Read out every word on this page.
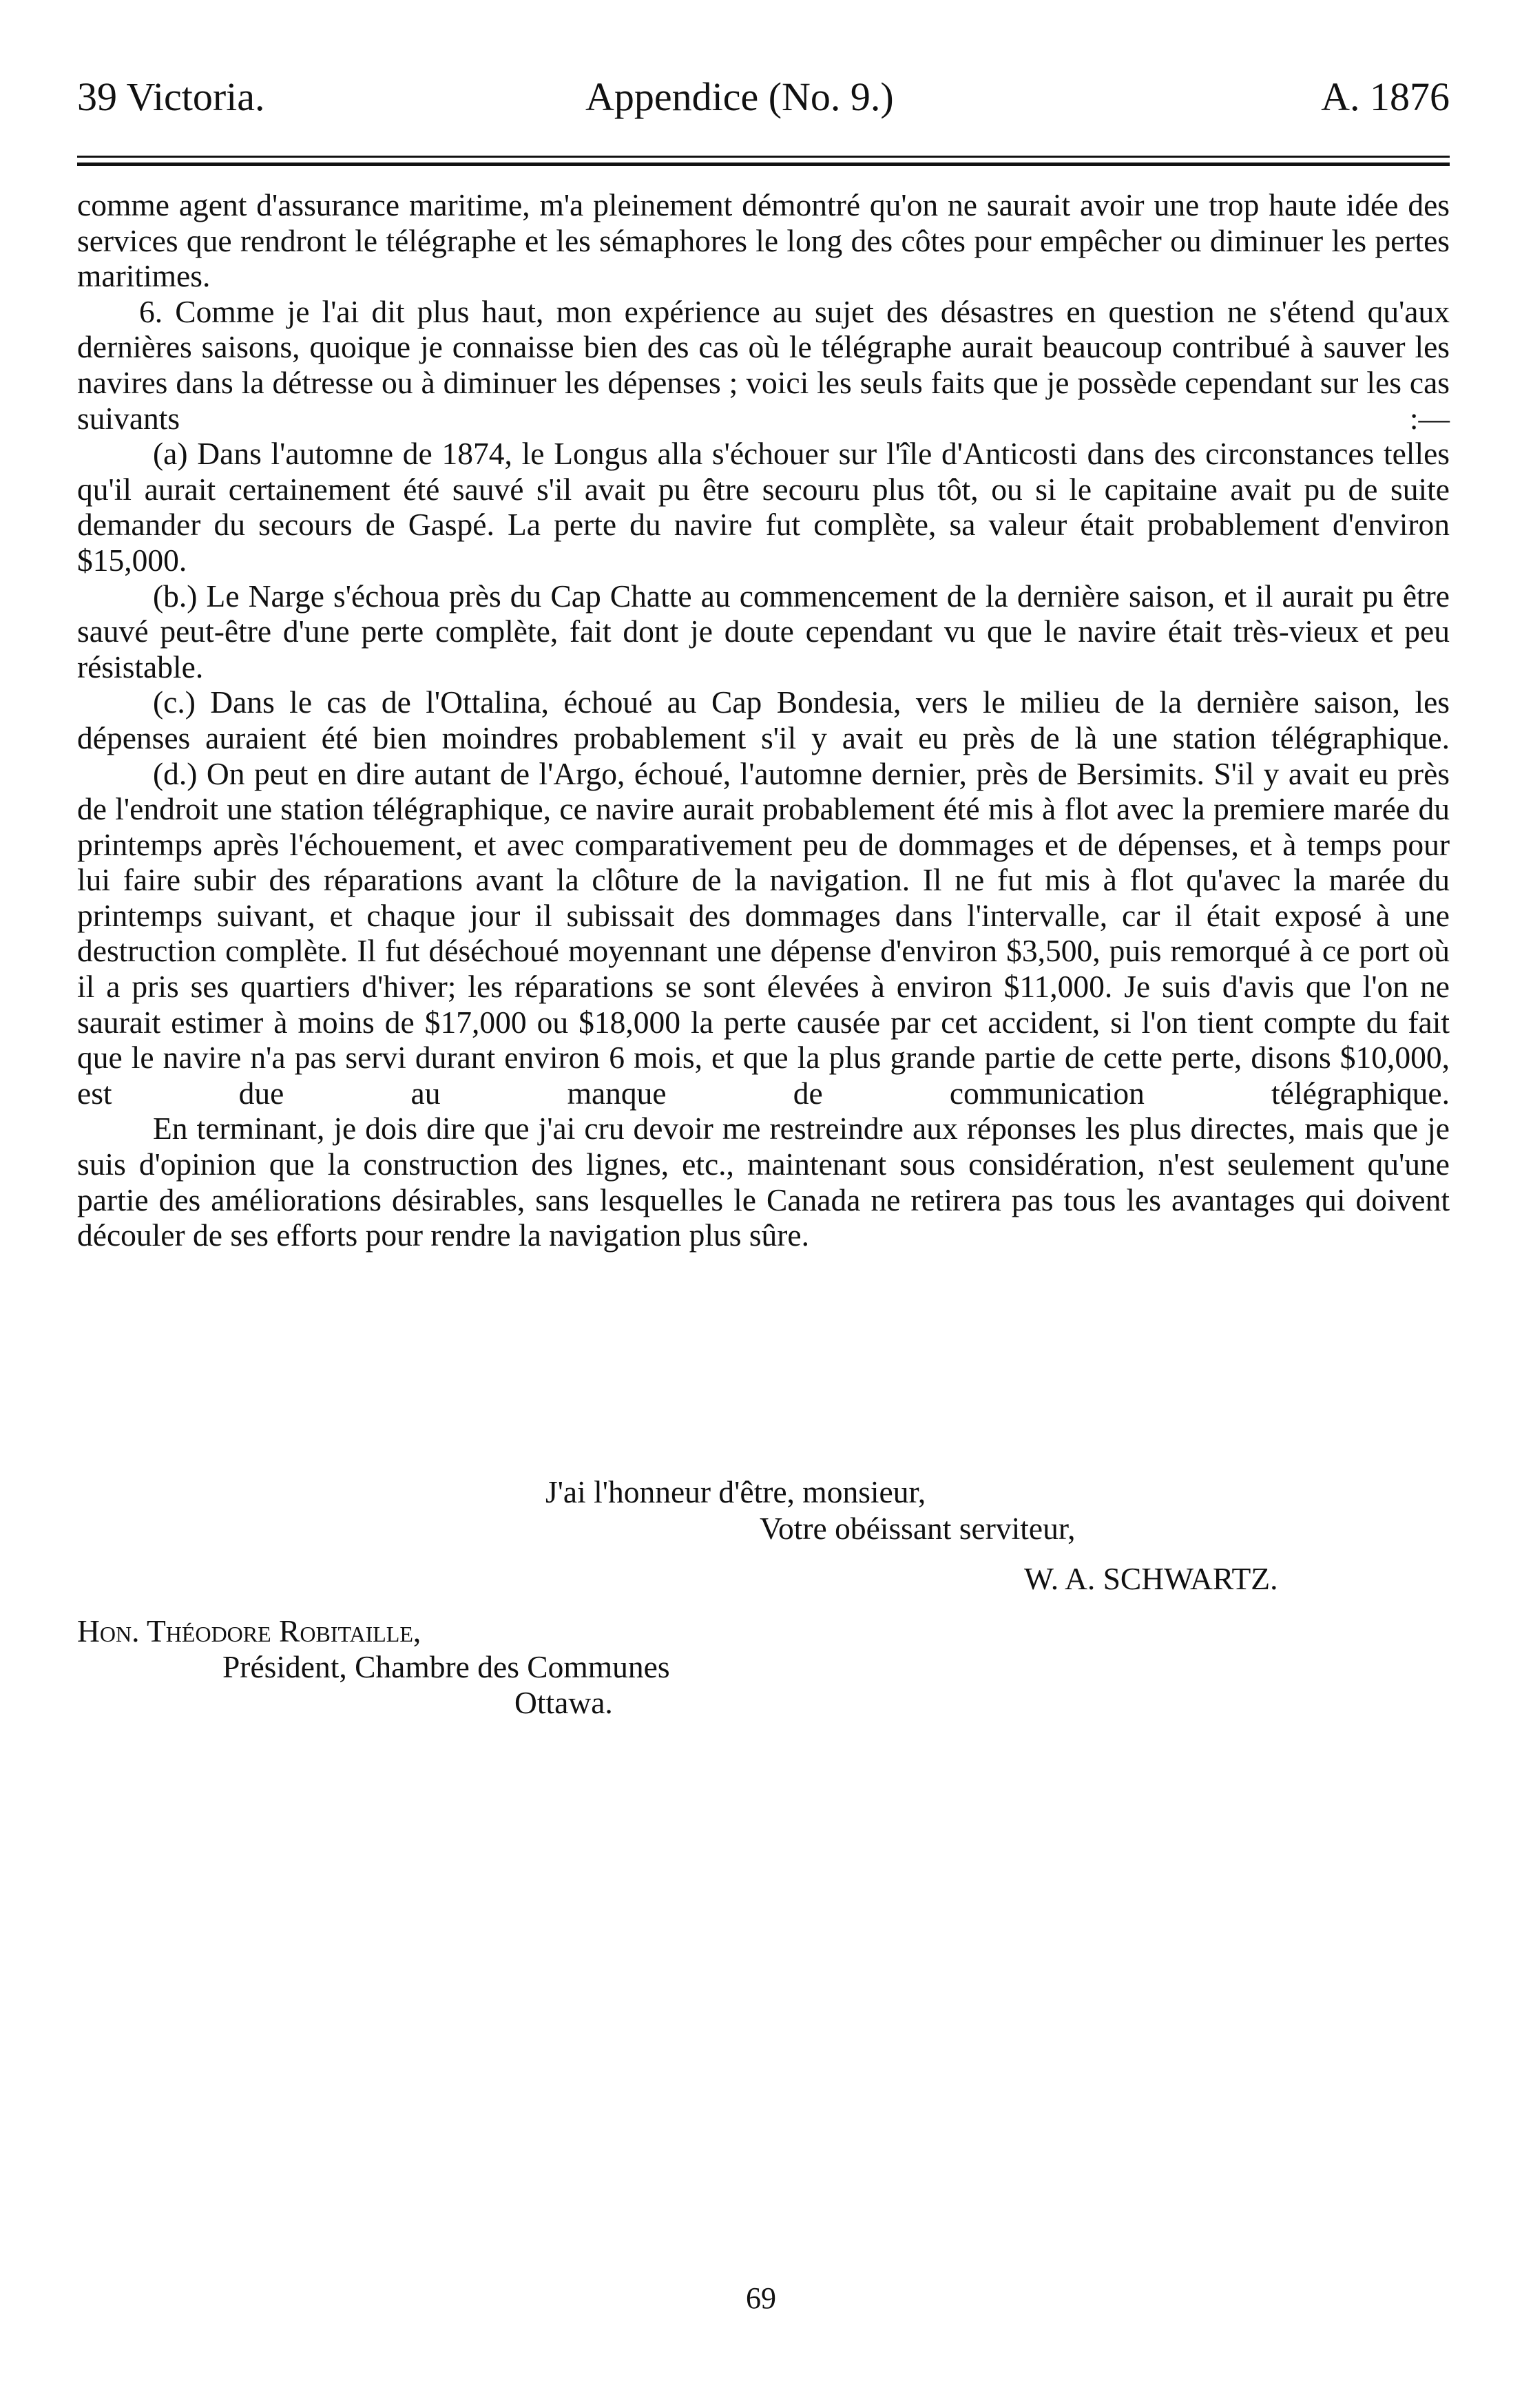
39 Victoria.	Appendice (No. 9.)	A. 1876

comme agent d'assurance maritime, m'a pleinement démontré qu'on ne saurait avoir une trop haute idée des services que rendront le télégraphe et les sémaphores le long des côtes pour empêcher ou diminuer les pertes maritimes.

6. Comme je l'ai dit plus haut, mon expérience au sujet des désastres en question ne s'étend qu'aux dernières saisons, quoique je connaisse bien des cas où le télégraphe aurait beaucoup contribué à sauver les navires dans la détresse ou à diminuer les dépenses ; voici les seuls faits que je possède cependant sur les cas suivants :—

(a) Dans l'automne de 1874, le Longus alla s'échouer sur l'île d'Anticosti dans des circonstances telles qu'il aurait certainement été sauvé s'il avait pu être secouru plus tôt, ou si le capitaine avait pu de suite demander du secours de Gaspé. La perte du navire fut complète, sa valeur était probablement d'environ $15,000.

(b.) Le Narge s'échoua près du Cap Chatte au commencement de la dernière saison, et il aurait pu être sauvé peut-être d'une perte complète, fait dont je doute cependant vu que le navire était très-vieux et peu résistable.

(c.) Dans le cas de l'Ottalina, échoué au Cap Bondesia, vers le milieu de la dernière saison, les dépenses auraient été bien moindres probablement s'il y avait eu près de là une station télégraphique.

(d.) On peut en dire autant de l'Argo, échoué, l'automne dernier, près de Bersimits. S'il y avait eu près de l'endroit une station télégraphique, ce navire aurait probablement été mis à flot avec la premiere marée du printemps après l'échouement, et avec comparativement peu de dommages et de dépenses, et à temps pour lui faire subir des réparations avant la clôture de la navigation. Il ne fut mis à flot qu'avec la marée du printemps suivant, et chaque jour il subissait des dommages dans l'intervalle, car il était exposé à une destruction complète. Il fut déséchoué moyennant une dépense d'environ $3,500, puis remorqué à ce port où il a pris ses quartiers d'hiver; les réparations se sont élevées à environ $11,000. Je suis d'avis que l'on ne saurait estimer à moins de $17,000 ou $18,000 la perte causée par cet accident, si l'on tient compte du fait que le navire n'a pas servi durant environ 6 mois, et que la plus grande partie de cette perte, disons $10,000, est due au manque de communication télégraphique.

En terminant, je dois dire que j'ai cru devoir me restreindre aux réponses les plus directes, mais que je suis d'opinion que la construction des lignes, etc., maintenant sous considération, n'est seulement qu'une partie des améliorations désirables, sans lesquelles le Canada ne retirera pas tous les avantages qui doivent découler de ses efforts pour rendre la navigation plus sûre.

J'ai l'honneur d'être, monsieur,
Votre obéissant serviteur,
W. A. SCHWARTZ.
Hon. Théodore Robitaille,
Président, Chambre des Communes
Ottawa.
69
